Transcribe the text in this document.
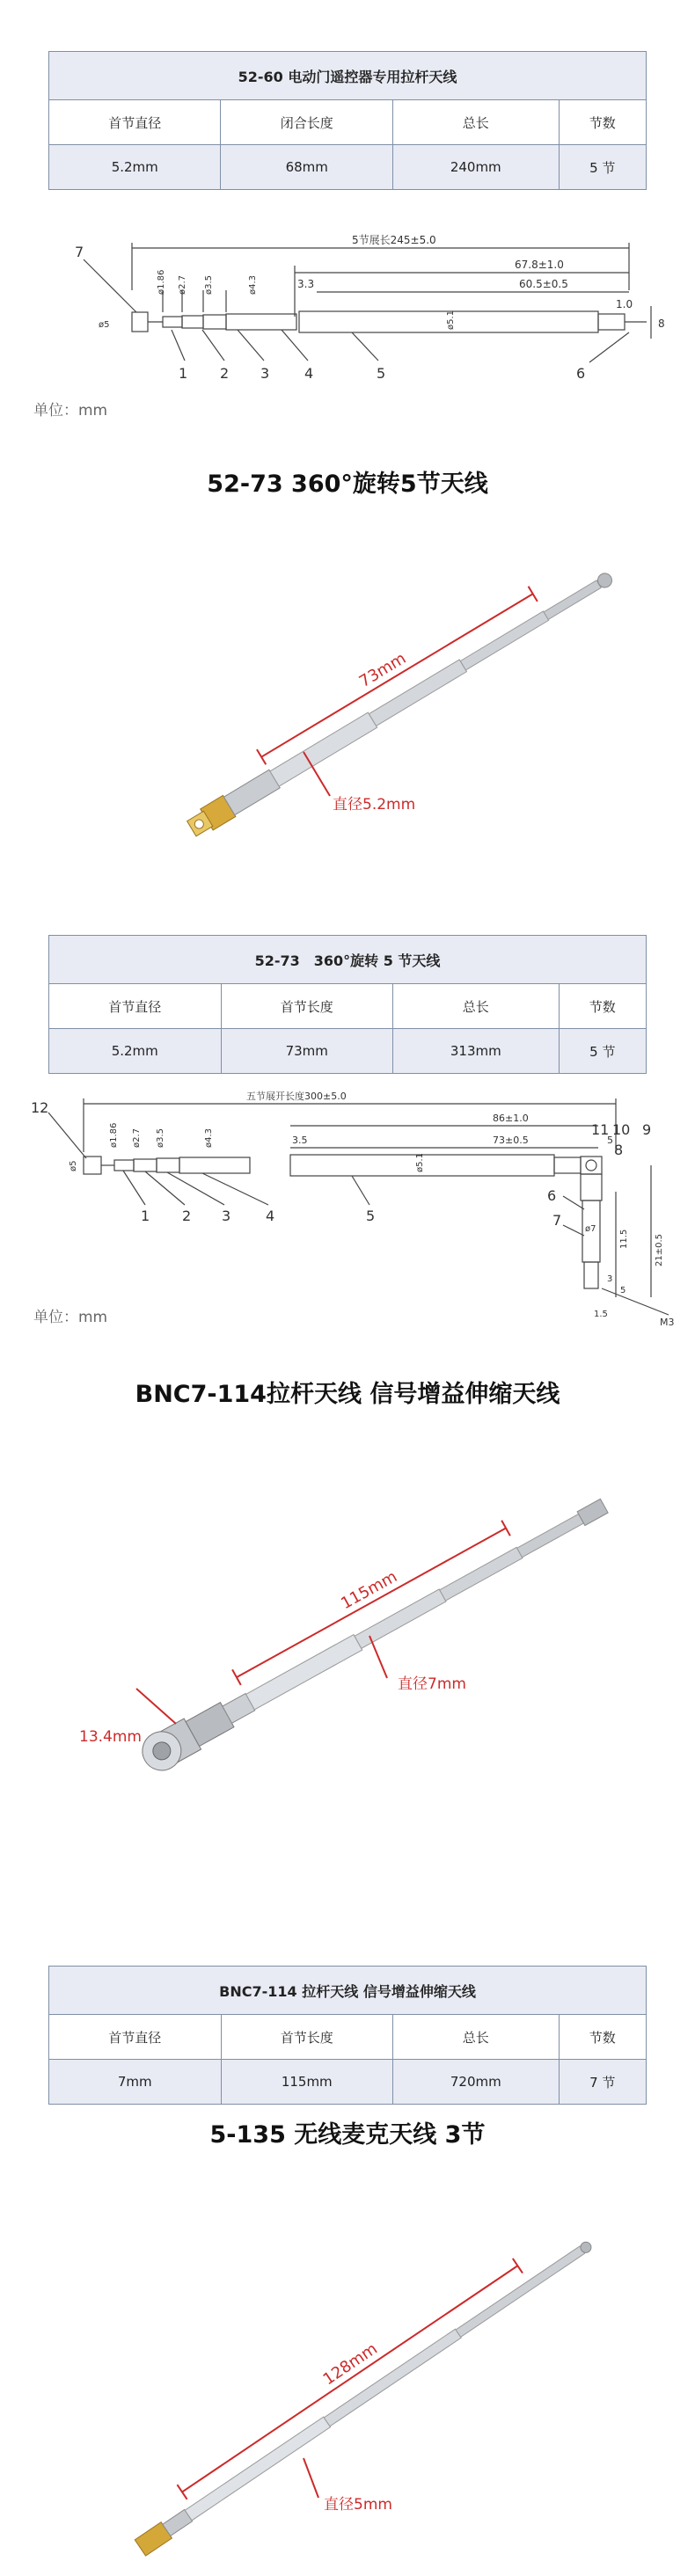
52-60 电动门遥控器专用拉杆天线			
首节直径	闭合长度	总长	节数
5.2mm	68mm	240mm	5 节
5节展长245±5.0
67.8±1.0
60.5±0.5
3.3
1.0
8
ø5
ø1.86 ø2.7 ø3.5	ø4.3
ø5.1
7
1 2 3 4	5	6
单位：mm
52-73 360°旋转5节天线
73mm
直径5.2mm
52-73　360°旋转 5 节天线			
首节直径	首节长度	总长	节数
5.2mm	73mm	313mm	5 节
五节展开长度300±5.0
86±1.0
73±0.5
3.5	5
ø1.86 ø2.7 ø3.5	ø4.3
ø5.1
ø5
ø7
11.5	21±0.5
3
5
1.5
M3
12
1 2 3 4	5
11 10 9
8
6
7
单位：mm
BNC7-114拉杆天线 信号增益伸缩天线
115mm
直径7mm
13.4mm
BNC7-114 拉杆天线 信号增益伸缩天线			
首节直径	首节长度	总长	节数
7mm	115mm	720mm	7 节
5-135 无线麦克天线 3节
128mm
直径5mm
